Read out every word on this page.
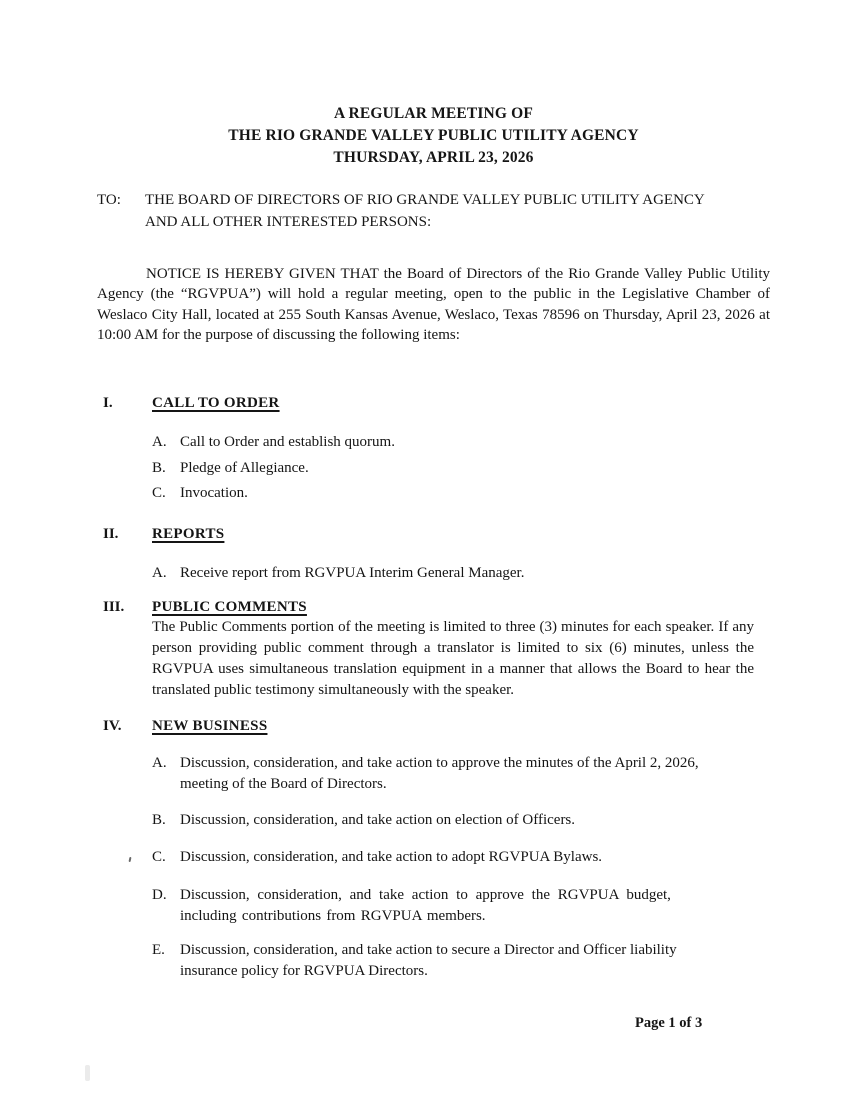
A REGULAR MEETING OF
THE RIO GRANDE VALLEY PUBLIC UTILITY AGENCY
THURSDAY, APRIL 23, 2026
TO:	THE BOARD OF DIRECTORS OF RIO GRANDE VALLEY PUBLIC UTILITY AGENCY
AND ALL OTHER INTERESTED PERSONS:
NOTICE IS HEREBY GIVEN THAT the Board of Directors of the Rio Grande Valley Public Utility Agency (the “RGVPUA”) will hold a regular meeting, open to the public in the Legislative Chamber of Weslaco City Hall, located at 255 South Kansas Avenue, Weslaco, Texas 78596 on Thursday, April 23, 2026 at 10:00 AM for the purpose of discussing the following items:
I.	CALL TO ORDER
A. Call to Order and establish quorum.
B. Pledge of Allegiance.
C. Invocation.
II.	REPORTS
A. Receive report from RGVPUA Interim General Manager.
III.	PUBLIC COMMENTS
The Public Comments portion of the meeting is limited to three (3) minutes for each speaker. If any person providing public comment through a translator is limited to six (6) minutes, unless the RGVPUA uses simultaneous translation equipment in a manner that allows the Board to hear the translated public testimony simultaneously with the speaker.
IV.	NEW BUSINESS
A. Discussion, consideration, and take action to approve the minutes of the April 2, 2026,
meeting of the Board of Directors.
B. Discussion, consideration, and take action on election of Officers.
C. Discussion, consideration, and take action to adopt RGVPUA Bylaws.
D. Discussion, consideration, and take action to approve the RGVPUA budget,
including contributions from RGVPUA members.
E.	Discussion, consideration, and take action to secure a Director and Officer liability
insurance policy for RGVPUA Directors.
Page 1 of 3
